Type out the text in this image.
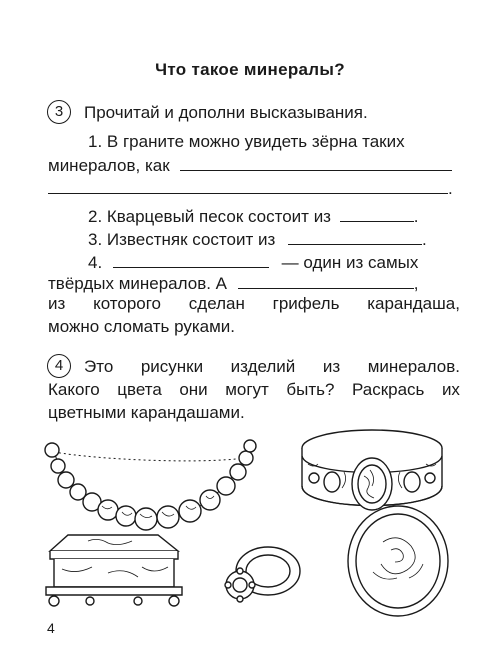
Что такое минералы?
3	Прочитай и дополни высказывания.
1. В граните можно увидеть зёрна таких
минералов, как
.
2. Кварцевый песок состоит из	.
3. Известняк состоит из	.
4.	— один из самых
твёрдых минералов. А	,
из которого сделан грифель карандаша,
можно сломать руками.
4	Это рисунки изделий из минералов.
Какого цвета они могут быть? Раскрась их
цветными карандашами.
4
